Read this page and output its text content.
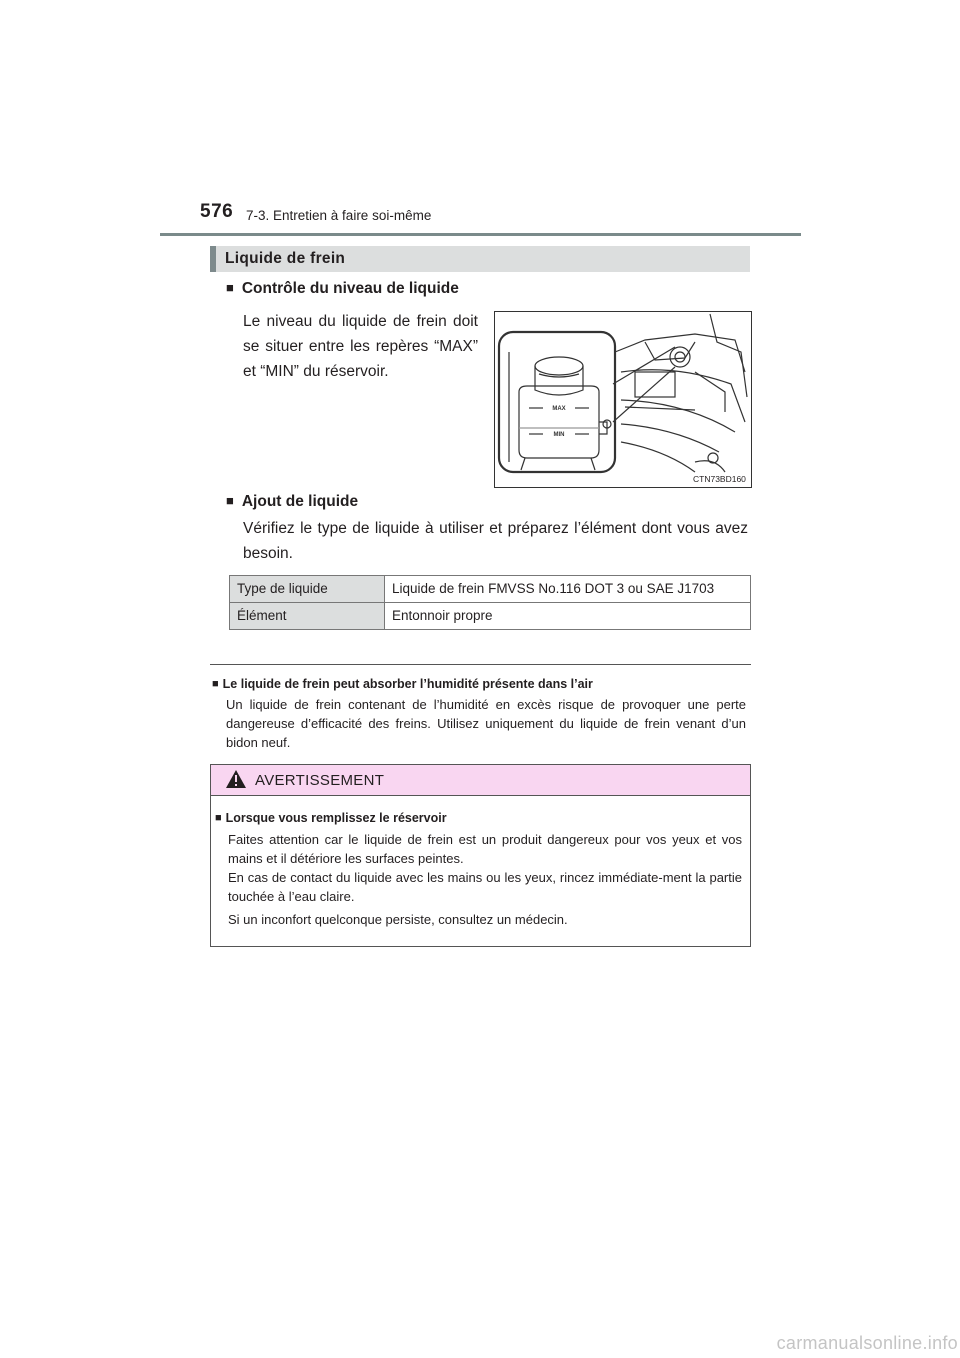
576 7-3. Entretien à faire soi-même
Liquide de frein
■ Contrôle du niveau de liquide
Le niveau du liquide de frein doit se situer entre les repères “MAX” et “MIN” du réservoir.
MAX
MIN
CTN73BD160
■ Ajout de liquide
Vérifiez le type de liquide à utiliser et préparez l’élément dont vous avez besoin.
Type de liquide	Liquide de frein FMVSS No.116 DOT 3 ou SAE J1703
Élément	Entonnoir propre
■ Le liquide de frein peut absorber l’humidité présente dans l’air
Un liquide de frein contenant de l’humidité en excès risque de provoquer une perte dangereuse d’efficacité des freins. Utilisez uniquement du liquide de frein venant d’un bidon neuf.
AVERTISSEMENT
■ Lorsque vous remplissez le réservoir
Faites attention car le liquide de frein est un produit dangereux pour vos yeux et vos mains et il détériore les surfaces peintes.
En cas de contact du liquide avec les mains ou les yeux, rincez immédiate-ment la partie touchée à l’eau claire.
Si un inconfort quelconque persiste, consultez un médecin.
carmanualsonline.info
